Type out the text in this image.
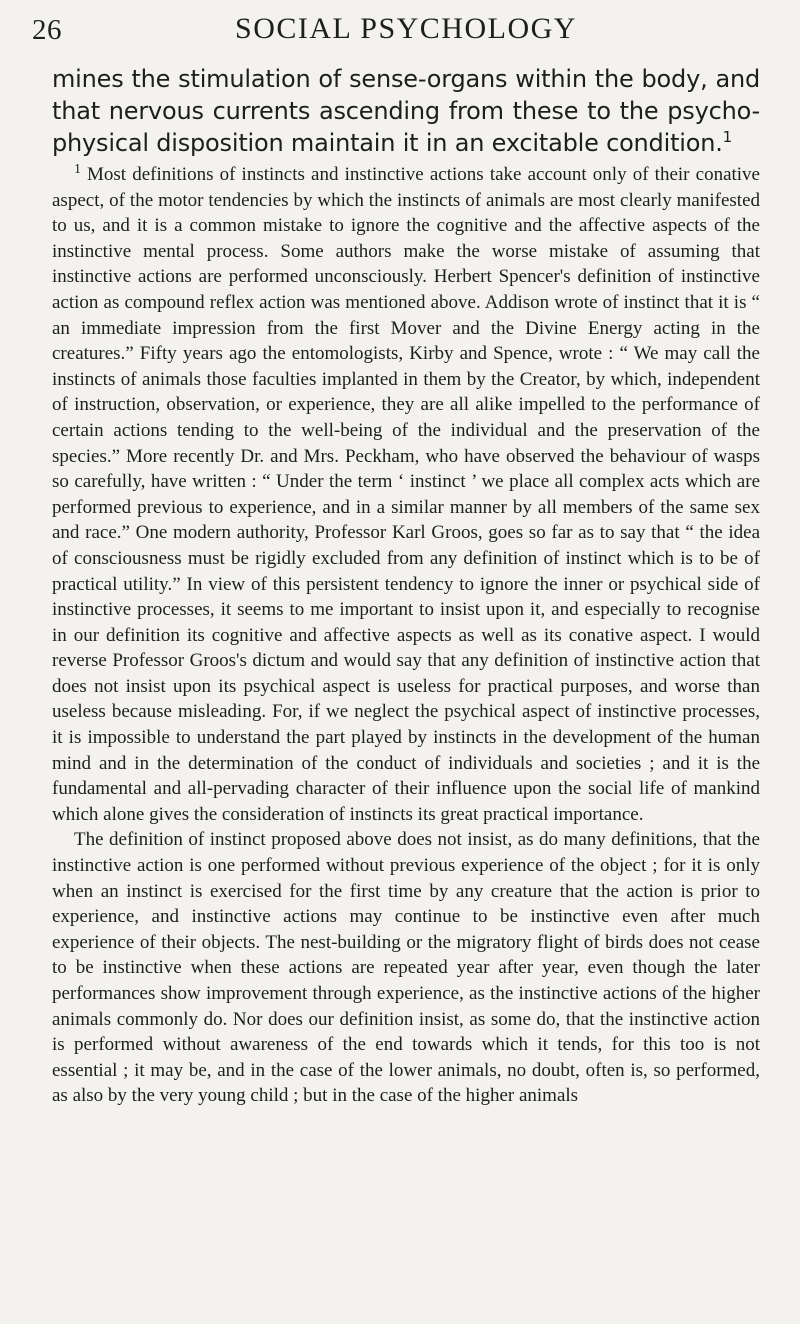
26	SOCIAL PSYCHOLOGY

mines the stimulation of sense-organs within the body, and that nervous currents ascending from these to the psycho-physical disposition maintain it in an excitable condition.$^1$

$^1$ Most definitions of instincts and instinctive actions take account only of their conative aspect, of the motor tendencies by which the instincts of animals are most clearly manifested to us, and it is a common mistake to ignore the cognitive and the affective aspects of the instinctive mental process. Some authors make the worse mistake of assuming that instinctive actions are performed unconsciously. Herbert Spencer's definition of instinctive action as compound reflex action was mentioned above. Addison wrote of instinct that it is “ an immediate impression from the first Mover and the Divine Energy acting in the creatures.” Fifty years ago the entomologists, Kirby and Spence, wrote : “ We may call the instincts of animals those faculties implanted in them by the Creator, by which, independent of instruction, observation, or experience, they are all alike impelled to the performance of certain actions tending to the well-being of the individual and the preservation of the species.” More recently Dr. and Mrs. Peckham, who have observed the behaviour of wasps so carefully, have written : “ Under the term ‘ instinct ’ we place all complex acts which are performed previous to experience, and in a similar manner by all members of the same sex and race.” One modern authority, Professor Karl Groos, goes so far as to say that “ the idea of consciousness must be rigidly excluded from any definition of instinct which is to be of practical utility.” In view of this persistent tendency to ignore the inner or psychical side of instinctive processes, it seems to me important to insist upon it, and especially to recognise in our definition its cognitive and affective aspects as well as its conative aspect. I would reverse Professor Groos's dictum and would say that any definition of instinctive action that does not insist upon its psychical aspect is useless for practical purposes, and worse than useless because misleading. For, if we neglect the psychical aspect of instinctive processes, it is impossible to understand the part played by instincts in the development of the human mind and in the determination of the conduct of individuals and societies ; and it is the fundamental and all-pervading character of their influence upon the social life of mankind which alone gives the consideration of instincts its great practical importance.

The definition of instinct proposed above does not insist, as do many definitions, that the instinctive action is one performed without previous experience of the object ; for it is only when an instinct is exercised for the first time by any creature that the action is prior to experience, and instinctive actions may continue to be instinctive even after much experience of their objects. The nest-building or the migratory flight of birds does not cease to be instinctive when these actions are repeated year after year, even though the later performances show improvement through experience, as the instinctive actions of the higher animals commonly do. Nor does our definition insist, as some do, that the instinctive action is performed without awareness of the end towards which it tends, for this too is not essential ; it may be, and in the case of the lower animals, no doubt, often is, so performed, as also by the very young child ; but in the case of the higher animals
